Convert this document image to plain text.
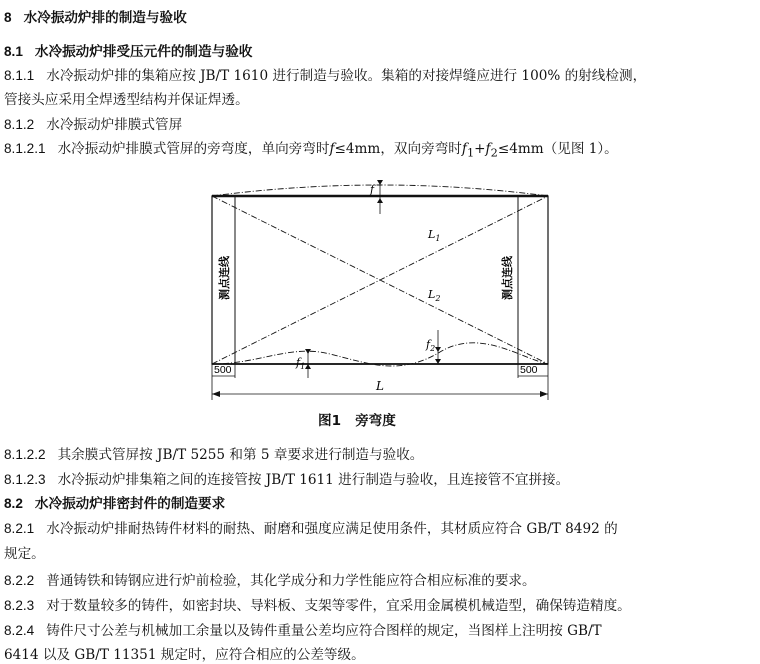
8 水冷振动炉排的制造与验收
8.1 水冷振动炉排受压元件的制造与验收
8.1.1 水冷振动炉排的集箱应按 JB/T 1610 进行制造与验收。集箱的对接焊缝应进行 100% 的射线检测，
管接头应采用全焊透型结构并保证焊透。
8.1.2 水冷振动炉排膜式管屏
8.1.2.1 水冷振动炉排膜式管屏的旁弯度，单向旁弯时f≤4mm，双向旁弯时$f_1+f_2\le 4mm$（见图 1）。
f
$f_1$
$f_2$
$L_1$
$L_2$
测点连线	测点连线
500	500
L
图1 旁弯度
8.1.2.2 其余膜式管屏按 JB/T 5255 和第 5 章要求进行制造与验收。
8.1.2.3 水冷振动炉排集箱之间的连接管按 JB/T 1611 进行制造与验收，且连接管不宜拼接。
8.2 水冷振动炉排密封件的制造要求
8.2.1 水冷振动炉排耐热铸件材料的耐热、耐磨和强度应满足使用条件，其材质应符合 GB/T 8492 的
规定。
8.2.2 普通铸铁和铸钢应进行炉前检验，其化学成分和力学性能应符合相应标准的要求。
8.2.3 对于数量较多的铸件，如密封块、导料板、支架等零件，宜采用金属模机械造型，确保铸造精度。
8.2.4 铸件尺寸公差与机械加工余量以及铸件重量公差均应符合图样的规定，当图样上注明按 GB/T
6414 以及 GB/T 11351 规定时，应符合相应的公差等级。
